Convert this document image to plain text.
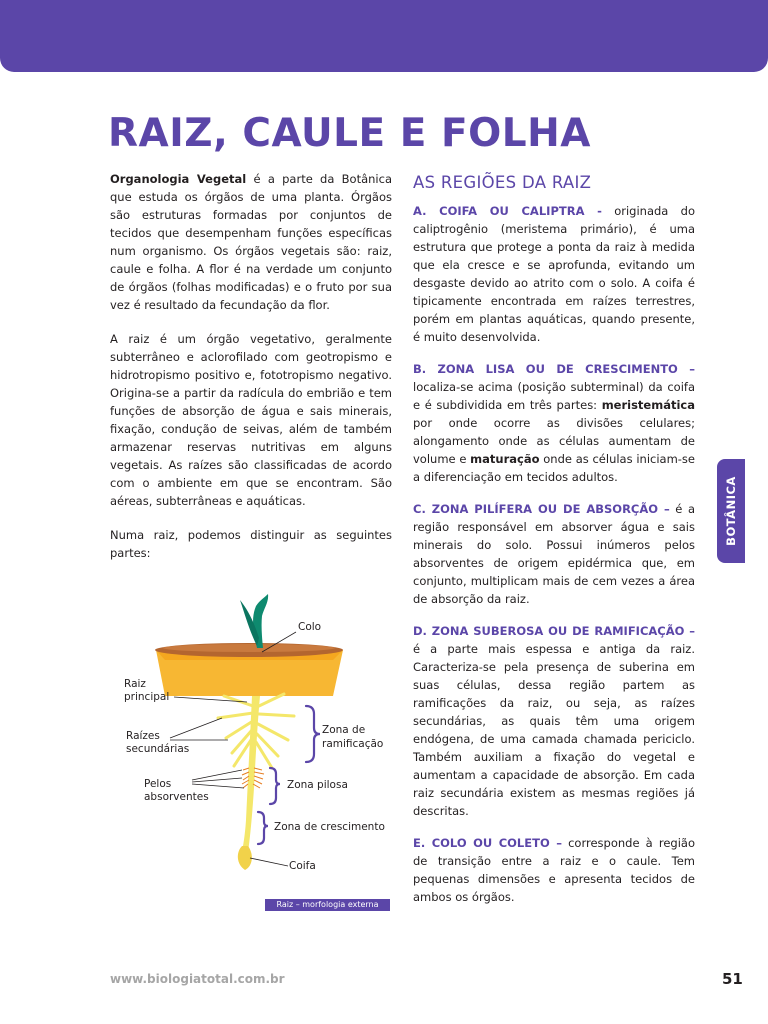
RAIZ, CAULE E FOLHA

Organologia Vegetal é a parte da Botânica que estuda os órgãos de uma planta. Órgãos são estruturas formadas por conjuntos de tecidos que desempenham funções específicas num organismo. Os órgãos vegetais são: raiz, caule e folha. A flor é na verdade um conjunto de órgãos (folhas modificadas) e o fruto por sua vez é resultado da fecundação da flor.

A raiz é um órgão vegetativo, geralmente subterrâneo e aclorofilado com geotropismo e hidrotropismo positivo e, fototropismo negativo. Origina-se a partir da radícula do embrião e tem funções de absorção de água e sais minerais, fixação, condução de seivas, além de também armazenar reservas nutritivas em alguns vegetais. As raízes são classificadas de acordo com o ambiente em que se encontram. São aéreas, subterrâneas e aquáticas.

Numa raiz, podemos distinguir as seguintes partes:

Colo
Raiz
principal
Raízes
secundárias
Zona de
ramificação
Pelos
absorventes
Zona pilosa
Zona de crescimento
Coifa
Raiz – morfologia externa
AS REGIÕES DA RAIZ

A. COIFA OU CALIPTRA - originada do caliptrogênio (meristema primário), é uma estrutura que protege a ponta da raiz à medida que ela cresce e se aprofunda, evitando um desgaste devido ao atrito com o solo. A coifa é tipicamente encontrada em raízes terrestres, porém em plantas aquáticas, quando presente, é muito desenvolvida.

B. ZONA LISA OU DE CRESCIMENTO – localiza-se acima (posição subterminal) da coifa e é subdividida em três partes: meristemática por onde ocorre as divisões celulares; alongamento onde as células aumentam de volume e maturação onde as células iniciam-se a diferenciação em tecidos adultos.

C. ZONA PILÍFERA OU DE ABSORÇÃO – é a região responsável em absorver água e sais minerais do solo. Possui inúmeros pelos absorventes de origem epidérmica que, em conjunto, multiplicam mais de cem vezes a área de absorção da raiz.

D. ZONA SUBEROSA OU DE RAMIFICAÇÃO – é a parte mais espessa e antiga da raiz. Caracteriza-se pela presença de suberina em suas células, dessa região partem as ramificações da raiz, ou seja, as raízes secundárias, as quais têm uma origem endógena, de uma camada chamada periciclo. Também auxiliam a fixação do vegetal e aumentam a capacidade de absorção. Em cada raiz secundária existem as mesmas regiões já descritas.

E. COLO OU COLETO – corresponde à região de transição entre a raiz e o caule. Tem pequenas dimensões e apresenta tecidos de ambos os órgãos.

BOTÂNICA
www.biologiatotal.com.br	51
